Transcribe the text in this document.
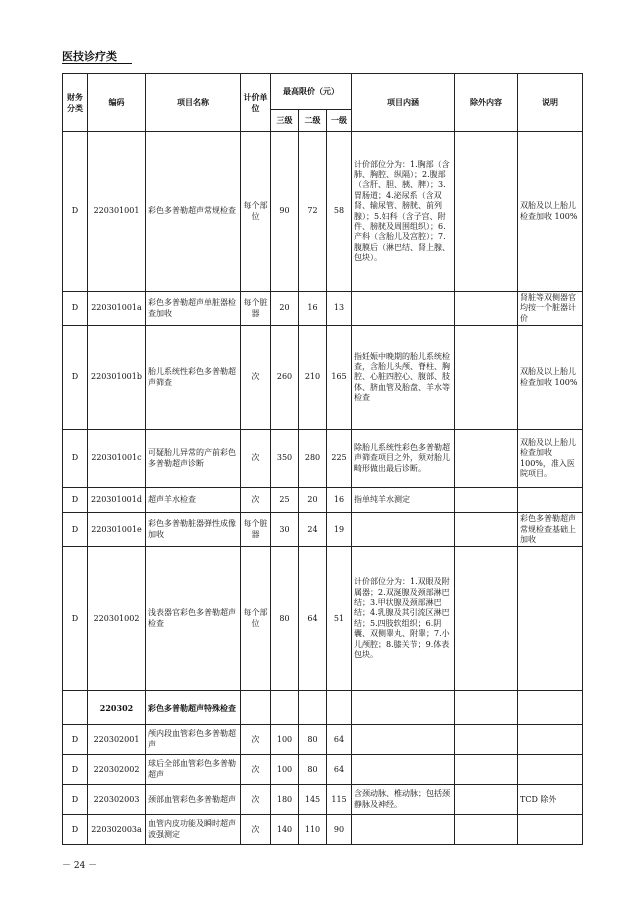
医技诊疗类
财务分类	编码	项目名称	计价单位	最高限价（元）			项目内涵	除外内容	说明
				三级	二级	一级			
D	220301001	彩色多普勒超声常规检查	每个部位	90	72	58	计价部位分为：1.胸部（含肺、胸腔、纵隔）；2.腹部（含肝、胆、胰、脾）；3.胃肠道；4.泌尿系（含双肾、输尿管、膀胱、前列腺）；5.妇科（含子宫、附件、膀胱及周围组织）；6.产科（含胎儿及宫腔）；7.腹膜后（淋巴结、肾上腺、包块）。		双胎及以上胎儿检查加收 100%
D	220301001a	彩色多普勒超声单脏器检查加收	每个脏器	20	16	13			肾脏等双侧器官均按一个脏器计价
D	220301001b	胎儿系统性彩色多普勒超声筛查	次	260	210	165	指妊娠中晚期的胎儿系统检查，含胎儿头颅、脊柱、胸腔、心脏四腔心、腹部、肢体、脐血管及胎盘、羊水等检查		双胎及以上胎儿检查加收 100%
D	220301001c	可疑胎儿异常的产前彩色多普勒超声诊断	次	350	280	225	除胎儿系统性彩色多普勒超声筛查项目之外，须对胎儿畸形做出最后诊断。		双胎及以上胎儿检查加收 100%，准入医院项目。
D	220301001d	超声羊水检查	次	25	20	16	指单纯羊水测定		
D	220301001e	彩色多普勒脏器弹性成像加收	每个脏器	30	24	19			彩色多普勒超声常规检查基础上加收
D	220301002	浅表器官彩色多普勒超声检查	每个部位	80	64	51	计价部位分为：1.双眼及附属器；2.双涎腺及颈部淋巴结；3.甲状腺及颈部淋巴结；4.乳腺及其引流区淋巴结；5.四肢软组织；6.阴囊、双侧睾丸、附睾；7.小儿颅腔；8.膝关节；9.体表包块。		
	220302	彩色多普勒超声特殊检查							
D	220302001	颅内段血管彩色多普勒超声	次	100	80	64			
D	220302002	球后全部血管彩色多普勒超声	次	100	80	64			
D	220302003	颈部血管彩色多普勒超声	次	180	145	115	含颈动脉、椎动脉；包括颈静脉及神经。		TCD 除外
D	220302003a	血管内皮功能及瞬时超声波强测定	次	140	110	90			
－ 24 －
